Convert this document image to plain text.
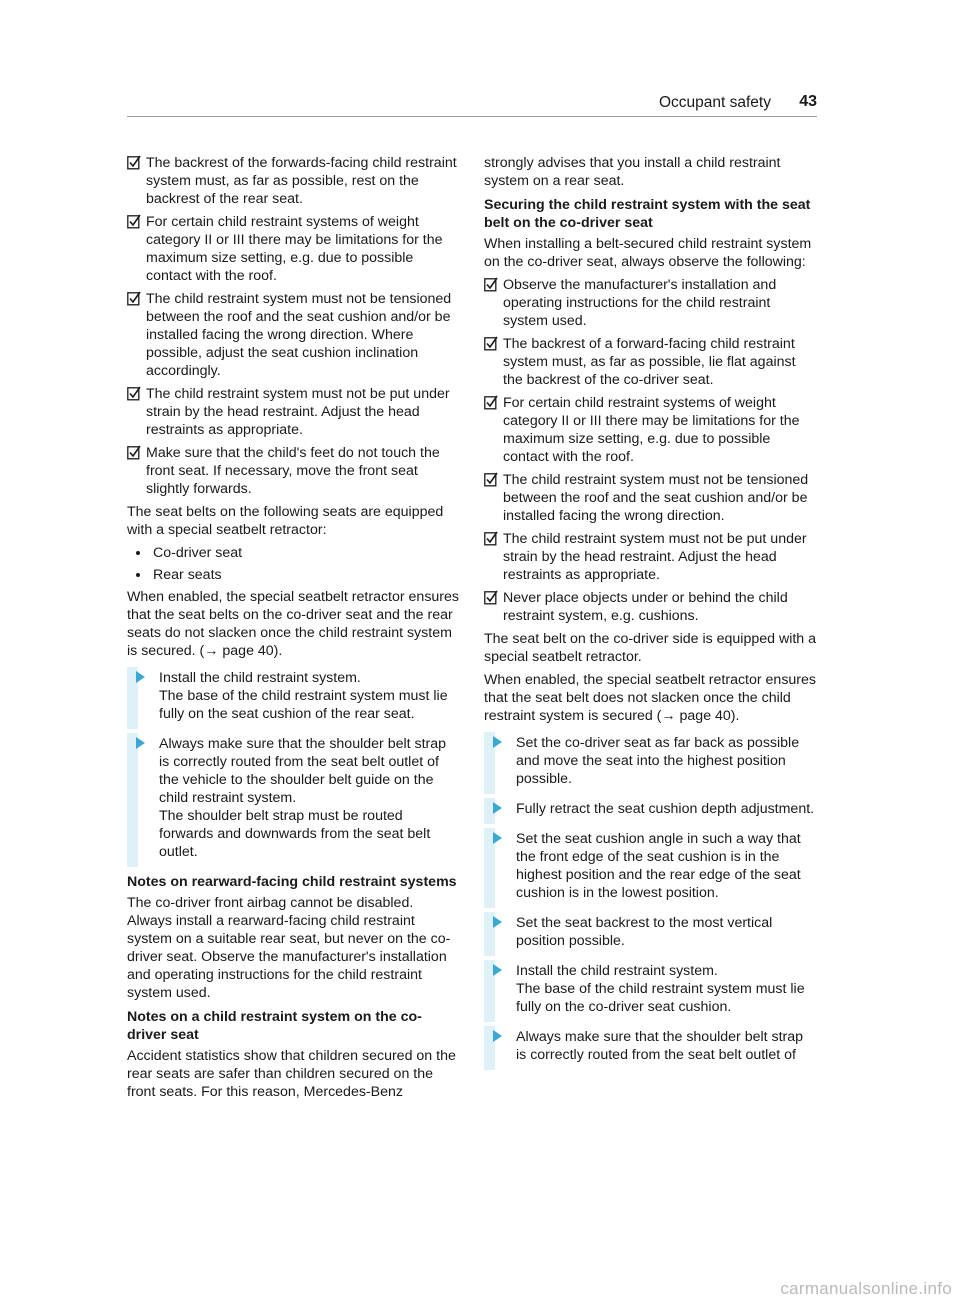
Occupant safety 43
The backrest of the forwards-facing child restraint system must, as far as possible, rest on the backrest of the rear seat.
For certain child restraint systems of weight category II or III there may be limitations for the maximum size setting, e.g. due to possible contact with the roof.
The child restraint system must not be tensioned between the roof and the seat cushion and/or be installed facing the wrong direction. Where possible, adjust the seat cushion inclination accordingly.
The child restraint system must not be put under strain by the head restraint. Adjust the head restraints as appropriate.
Make sure that the child's feet do not touch the front seat. If necessary, move the front seat slightly forwards.

The seat belts on the following seats are equipped with a special seatbelt retractor:

Co-driver seat
Rear seats

When enabled, the special seatbelt retractor ensures that the seat belts on the co-driver seat and the rear seats do not slacken once the child restraint system is secured. (→ page 40).

Install the child restraint system.
The base of the child restraint system must lie fully on the seat cushion of the rear seat.
Always make sure that the shoulder belt strap is correctly routed from the seat belt outlet of the vehicle to the shoulder belt guide on the child restraint system.
The shoulder belt strap must be routed forwards and downwards from the seat belt outlet.
Notes on rearward-facing child restraint systems
The co-driver front airbag cannot be disabled. Always install a rearward-facing child restraint system on a suitable rear seat, but never on the co-driver seat. Observe the manufacturer's installation and operating instructions for the child restraint system used.
Notes on a child restraint system on the co-driver seat
Accident statistics show that children secured on the rear seats are safer than children secured on the front seats. For this reason, Mercedes-Benz

strongly advises that you install a child restraint system on a rear seat.

Securing the child restraint system with the seat belt on the co-driver seat

When installing a belt-secured child restraint system on the co-driver seat, always observe the following:

Observe the manufacturer's installation and operating instructions for the child restraint system used.
The backrest of a forward-facing child restraint system must, as far as possible, lie flat against the backrest of the co-driver seat.
For certain child restraint systems of weight category II or III there may be limitations for the maximum size setting, e.g. due to possible contact with the roof.
The child restraint system must not be tensioned between the roof and the seat cushion and/or be installed facing the wrong direction.
The child restraint system must not be put under strain by the head restraint. Adjust the head restraints as appropriate.
Never place objects under or behind the child restraint system, e.g. cushions.

The seat belt on the co-driver side is equipped with a special seatbelt retractor.

When enabled, the special seatbelt retractor ensures that the seat belt does not slacken once the child restraint system is secured (→ page 40).

Set the co-driver seat as far back as possible and move the seat into the highest position possible.
Fully retract the seat cushion depth adjustment.
Set the seat cushion angle in such a way that the front edge of the seat cushion is in the highest position and the rear edge of the seat cushion is in the lowest position.
Set the seat backrest to the most vertical position possible.
Install the child restraint system.
The base of the child restraint system must lie fully on the co-driver seat cushion.
Always make sure that the shoulder belt strap is correctly routed from the seat belt outlet of
carmanualsonline.info
